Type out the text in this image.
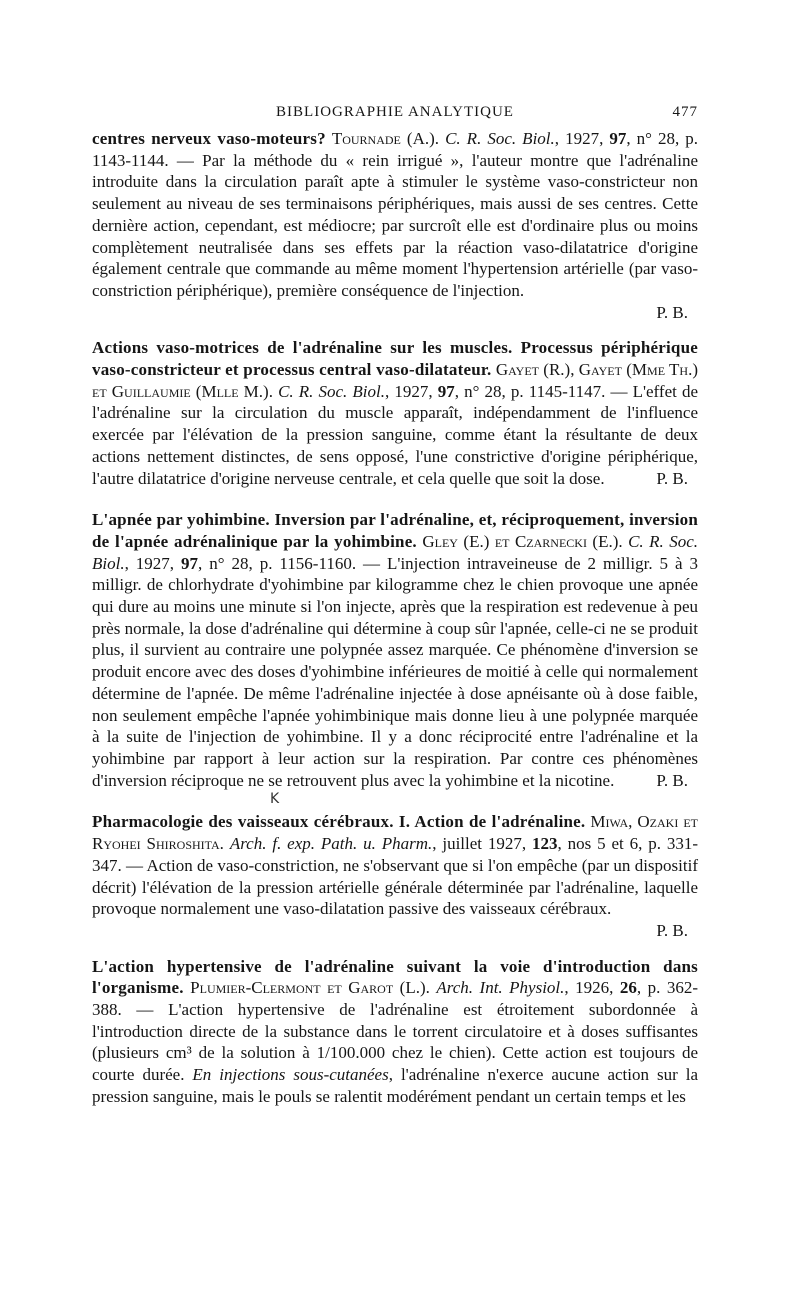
BIBLIOGRAPHIE ANALYTIQUE	477

centres nerveux vaso-moteurs? Tournade (A.). C. R. Soc. Biol., 1927, 97, n° 28, p. 1143-1144. — Par la méthode du « rein irrigué », l'auteur montre que l'adrénaline introduite dans la circulation paraît apte à stimuler le système vaso-constricteur non seulement au niveau de ses terminaisons périphériques, mais aussi de ses centres. Cette dernière action, cependant, est médiocre; par surcroît elle est d'ordinaire plus ou moins complètement neutralisée dans ses effets par la réaction vaso-dilatatrice d'origine également centrale que commande au même moment l'hypertension artérielle (par vaso-constriction périphérique), première conséquence de l'injection.

P. B.

Actions vaso-motrices de l'adrénaline sur les muscles. Processus périphérique vaso-constricteur et processus central vaso-dilatateur. Gayet (R.), Gayet (Mme Th.) et Guillaumie (Mlle M.). C. R. Soc. Biol., 1927, 97, n° 28, p. 1145-1147. — L'effet de l'adrénaline sur la circulation du muscle apparaît, indépendamment de l'influence exercée par l'élévation de la pression sanguine, comme étant la résultante de deux actions nettement distinctes, de sens opposé, l'une constrictive d'origine périphérique, l'autre dilatatrice d'origine nerveuse centrale, et cela quelle que soit la dose.	P. B.

L'apnée par yohimbine. Inversion par l'adrénaline, et, réciproquement, inversion de l'apnée adrénalinique par la yohimbine. Gley (E.) et Czarnecki (E.). C. R. Soc. Biol., 1927, 97, n° 28, p. 1156-1160. — L'injection intraveineuse de 2 milligr. 5 à 3 milligr. de chlorhydrate d'yohimbine par kilogramme chez le chien provoque une apnée qui dure au moins une minute si l'on injecte, après que la respiration est redevenue à peu près normale, la dose d'adrénaline qui détermine à coup sûr l'apnée, celle-ci ne se produit plus, il survient au contraire une polypnée assez marquée. Ce phénomène d'inversion se produit encore avec des doses d'yohimbine inférieures de moitié à celle qui normalement détermine de l'apnée. De même l'adrénaline injectée à dose apnéisante où à dose faible, non seulement empêche l'apnée yohimbinique mais donne lieu à une polypnée marquée à la suite de l'injection de yohimbine. Il y a donc réciprocité entre l'adrénaline et la yohimbine par rapport à leur action sur la respiration. Par contre ces phénomènes d'inversion réciproque ne se retrouvent plus avec la yohimbine et la nicotine. P. B.

K

Pharmacologie des vaisseaux cérébraux. I. Action de l'adrénaline. Miwa, Ozaki et Ryohei Shiroshita. Arch. f. exp. Path. u. Pharm., juillet 1927, 123, nos 5 et 6, p. 331-347. — Action de vaso-constriction, ne s'observant que si l'on empêche (par un dispositif décrit) l'élévation de la pression artérielle générale déterminée par l'adrénaline, laquelle provoque normalement une vaso-dilatation passive des vaisseaux cérébraux.

P. B.

L'action hypertensive de l'adrénaline suivant la voie d'introduction dans l'organisme. Plumier-Clermont et Garot (L.). Arch. Int. Physiol., 1926, 26, p. 362-388. — L'action hypertensive de l'adrénaline est étroitement subordonnée à l'introduction directe de la substance dans le torrent circulatoire et à doses suffisantes (plusieurs cm³ de la solution à 1/100.000 chez le chien). Cette action est toujours de courte durée. En injections sous-cutanées, l'adrénaline n'exerce aucune action sur la pression sanguine, mais le pouls se ralentit modérément pendant un certain temps et les
